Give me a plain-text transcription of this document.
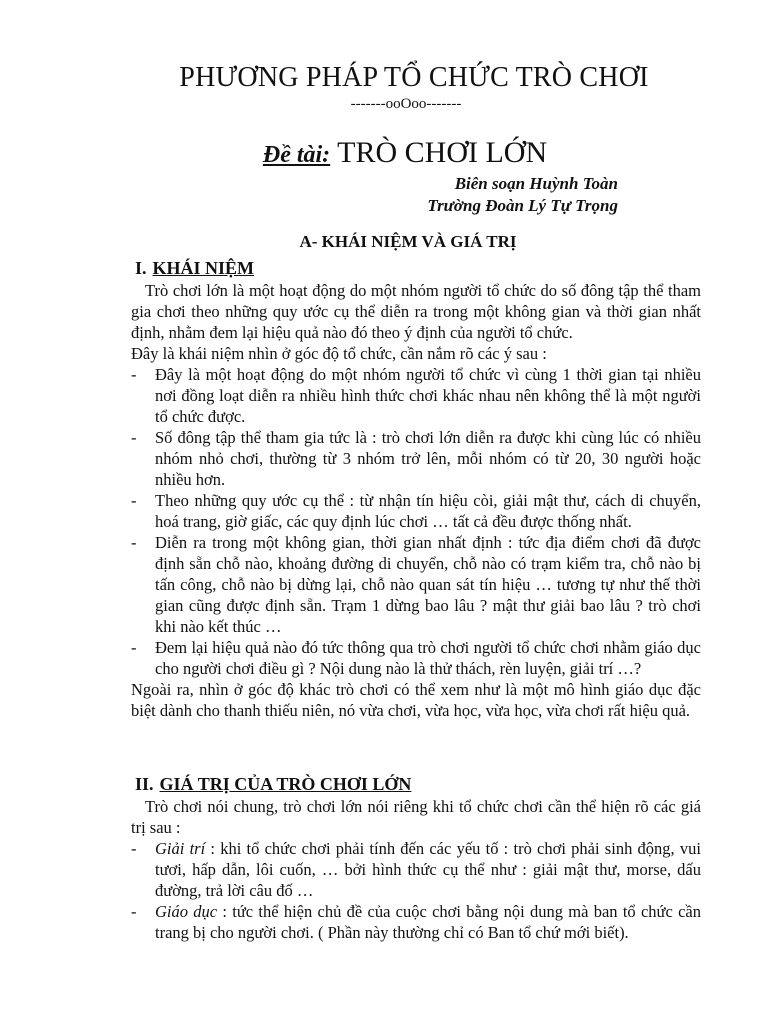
PHƯƠNG PHÁP TỔ CHỨC TRÒ CHƠI
-------ooOoo-------
Đề tài: TRÒ CHƠI LỚN
Biên soạn Huỳnh Toàn
Trường Đoàn Lý Tự Trọng
A- KHÁI NIỆM VÀ GIÁ TRỊ
I. KHÁI NIỆM

Trò chơi lớn là một hoạt động do một nhóm người tổ chức do số đông tập thể tham gia chơi theo những quy ước cụ thể diễn ra trong một không gian và thời gian nhất định, nhằm đem lại hiệu quả nào đó theo ý định của người tổ chức.

Đây là khái niệm nhìn ở góc độ tổ chức, cần nắm rõ các ý sau :

- Đây là một hoạt động do một nhóm người tổ chức vì cùng 1 thời gian tại nhiều nơi đồng loạt diễn ra nhiều hình thức chơi khác nhau nên không thể là một người tổ chức được.

- Số đông tập thể tham gia tức là : trò chơi lớn diễn ra được khi cùng lúc có nhiều nhóm nhỏ chơi, thường từ 3 nhóm trở lên, mỗi nhóm có từ 20, 30 người hoặc nhiều hơn.

- Theo những quy ước cụ thể : từ nhận tín hiệu còi, giải mật thư, cách di chuyển, hoá trang, giờ giấc, các quy định lúc chơi … tất cả đều được thống nhất.

- Diễn ra trong một không gian, thời gian nhất định : tức địa điểm chơi đã được định sẵn chỗ nào, khoảng đường di chuyển, chỗ nào có trạm kiểm tra, chỗ nào bị tấn công, chỗ nào bị dừng lại, chỗ nào quan sát tín hiệu … tương tự như thế thời gian cũng được định sẵn. Trạm 1 dừng bao lâu ? mật thư giải bao lâu ? trò chơi khi nào kết thúc …

- Đem lại hiệu quả nào đó tức thông qua trò chơi người tổ chức chơi nhằm giáo dục cho người chơi điều gì ? Nội dung nào là thử thách, rèn luyện, giải trí …?

Ngoài ra, nhìn ở góc độ khác trò chơi có thể xem như là một mô hình giáo dục đặc biệt dành cho thanh thiếu niên, nó vừa chơi, vừa học, vừa học, vừa chơi rất hiệu quả.

II. GIÁ TRỊ CỦA TRÒ CHƠI LỚN

Trò chơi nói chung, trò chơi lớn nói riêng khi tổ chức chơi cần thể hiện rõ các giá trị sau :

- Giải trí : khi tổ chức chơi phải tính đến các yếu tố : trò chơi phải sinh động, vui tươi, hấp dẫn, lôi cuốn, … bởi hình thức cụ thể như : giải mật thư, morse, dấu đường, trả lời câu đố …

- Giáo dục : tức thể hiện chủ đề của cuộc chơi bằng nội dung mà ban tổ chức cần trang bị cho người chơi. ( Phần này thường chỉ có Ban tổ chứ mới biết).
